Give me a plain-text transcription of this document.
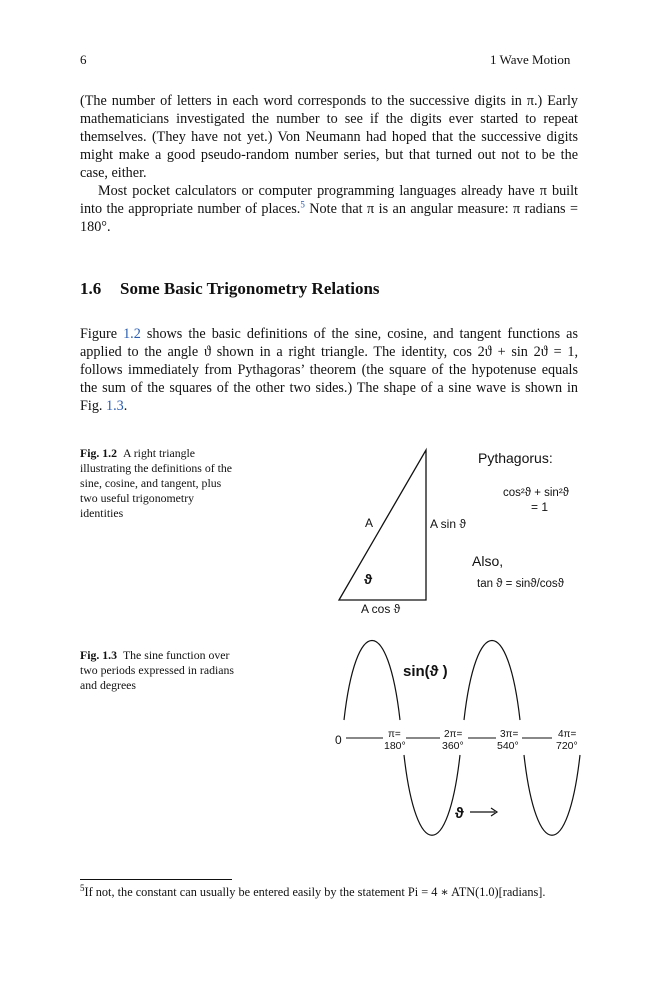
6	1 Wave Motion

(The number of letters in each word corresponds to the successive digits in π.) Early mathematicians investigated the number to see if the digits ever started to repeat themselves. (They have not yet.) Von Neumann had hoped that the successive digits might make a good pseudo-random number series, but that turned out not to be the case, either.

Most pocket calculators or computer programming languages already have π built into the appropriate number of places.$^5$ Note that π is an angular measure: π radians = 180°.

1.6 Some Basic Trigonometry Relations
Figure 1.2 shows the basic definitions of the sine, cosine, and tangent functions as applied to the angle ϑ shown in a right triangle. The identity, cos 2ϑ + sin 2ϑ = 1, follows immediately from Pythagoras’ theorem (the square of the hypotenuse equals the sum of the squares of the other two sides.) The shape of a sine wave is shown in Fig. 1.3.
Fig. 1.2 A right triangle illustrating the definitions of the sine, cosine, and tangent, plus two useful trigonometry identities
A	A sin ϑ
A cos ϑ
ϑ
Pythagorus:
cos²ϑ + sin²ϑ
= 1
Also,
tan ϑ = sinϑ/cosϑ
Fig. 1.3 The sine function over two periods expressed in radians and degrees
0	π=
180°
2π=
360°
3π=
540°
4π=
720°
sin(ϑ )
ϑ
$^5$If not, the constant can usually be entered easily by the statement Pi = 4 ∗ ATN(1.0)[radians].
